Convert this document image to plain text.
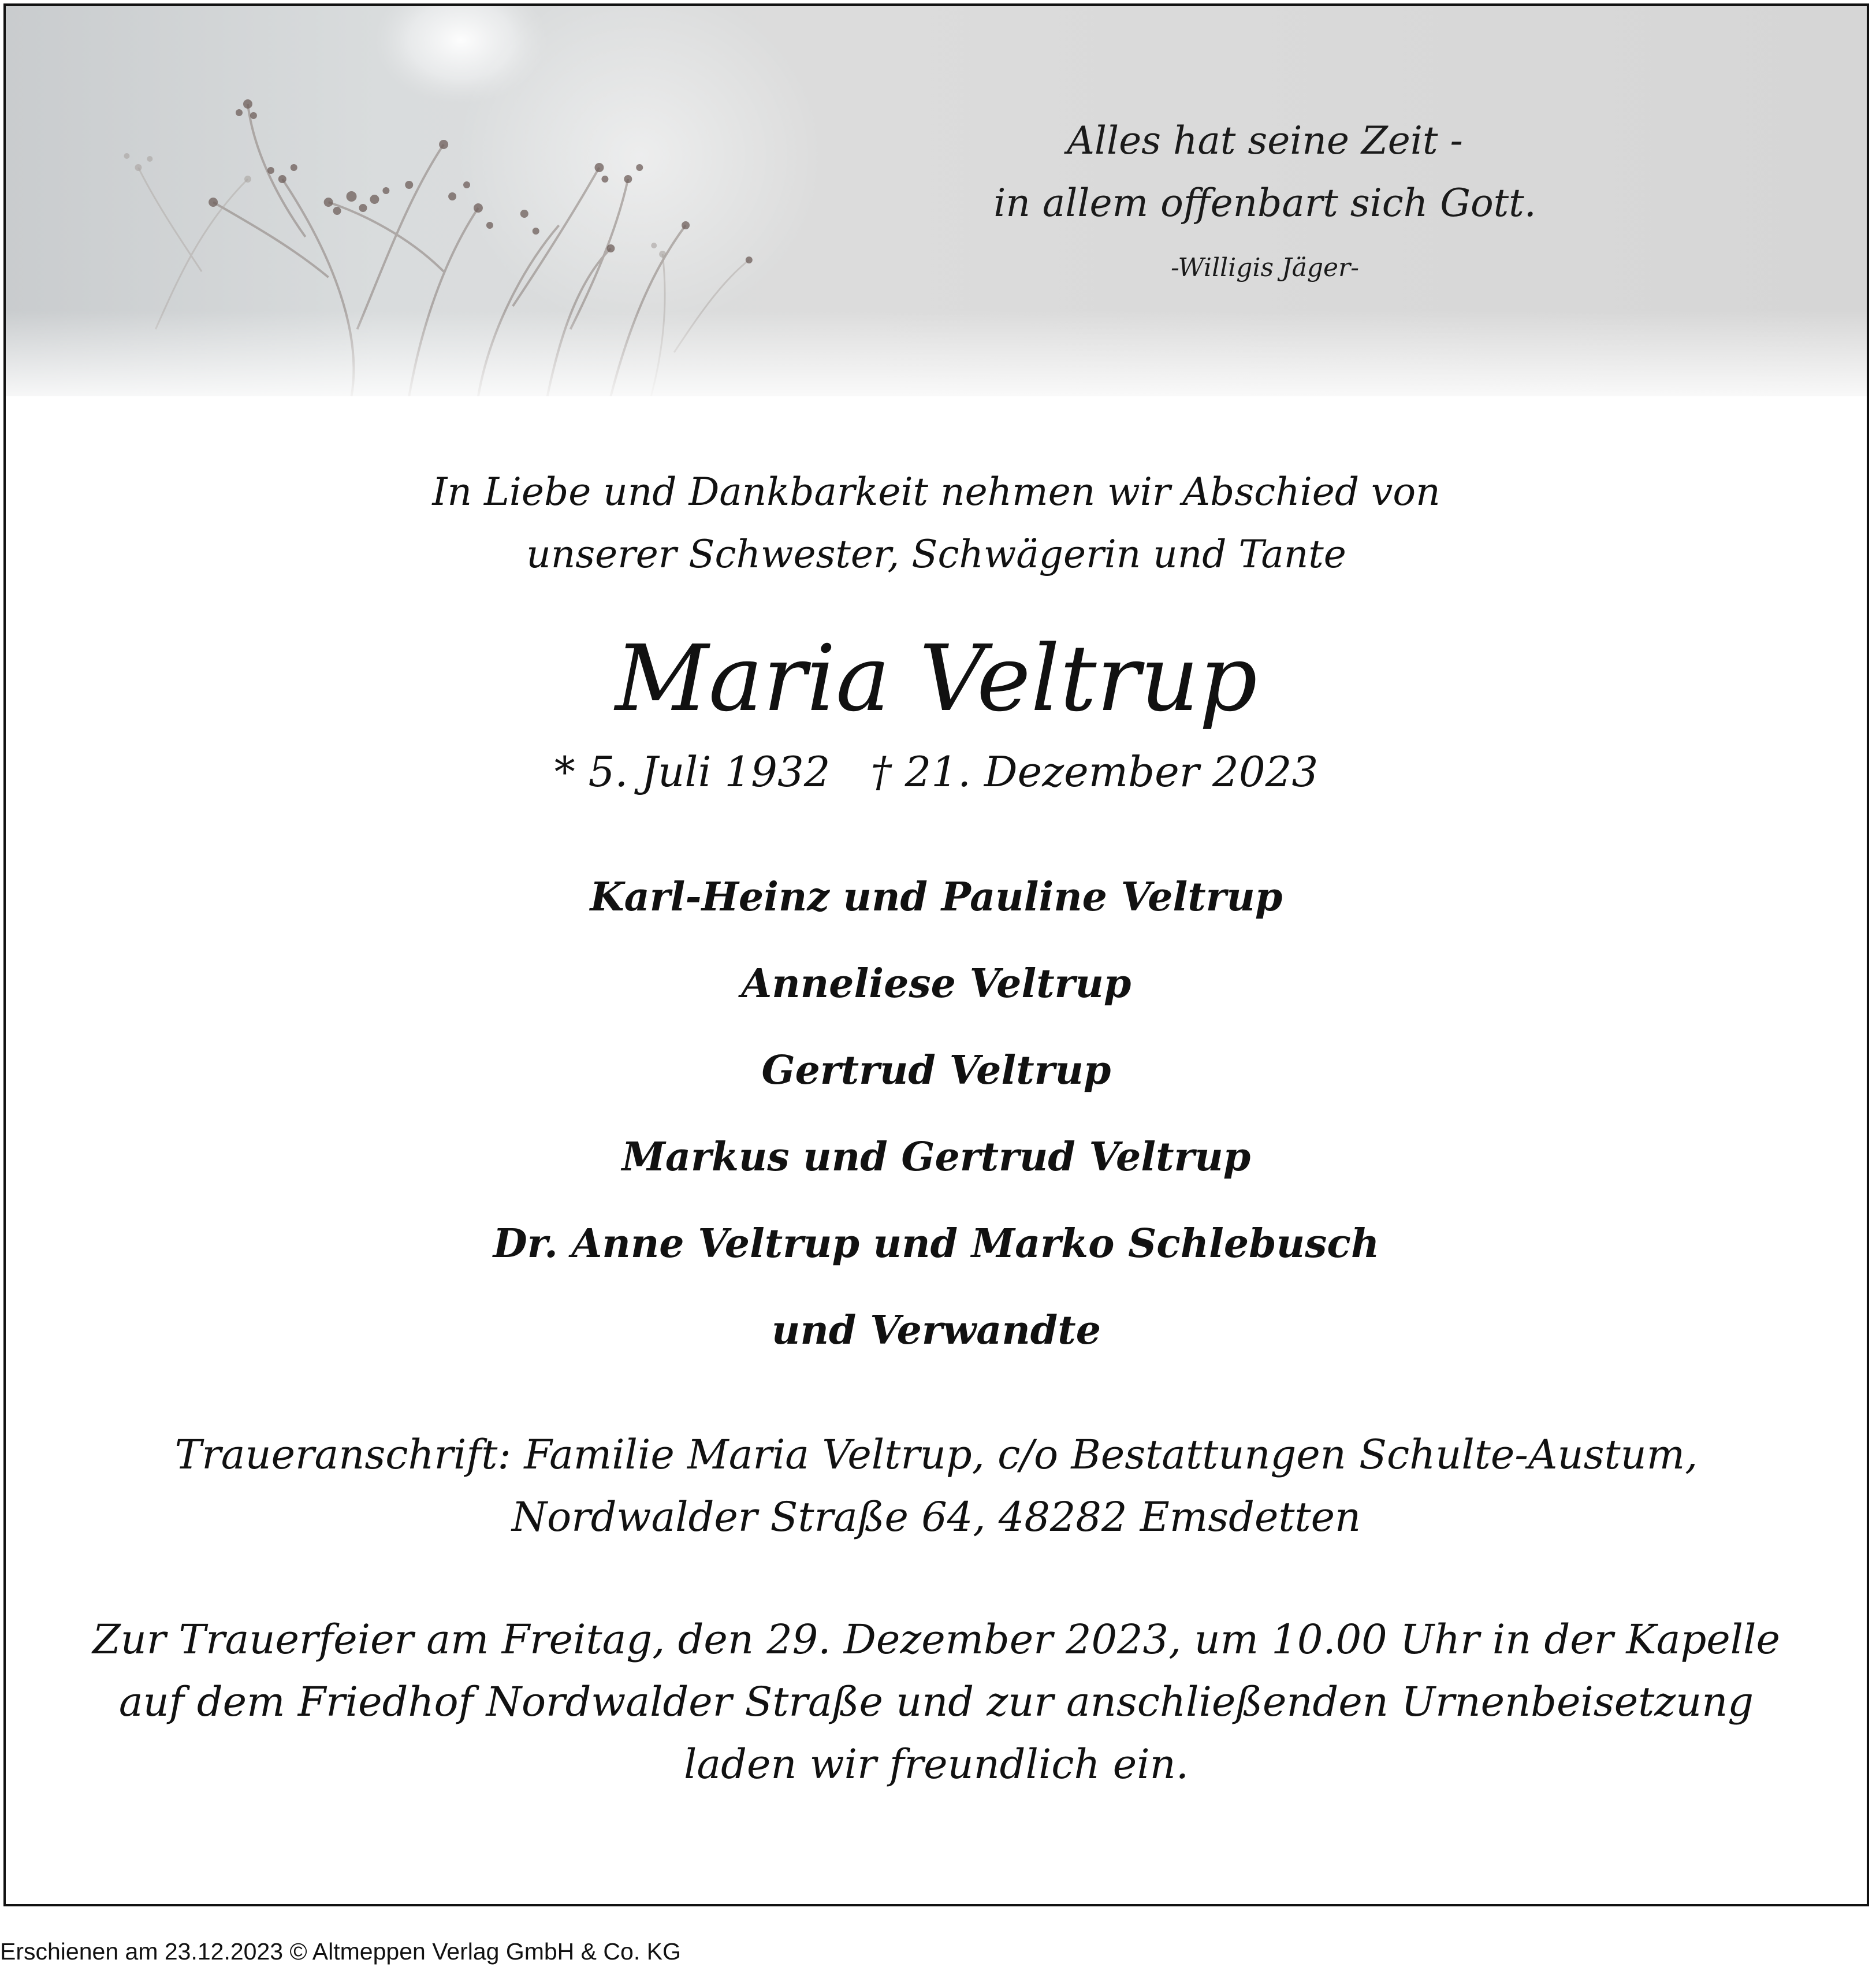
Alles hat seine Zeit -
in allem offenbart sich Gott.
-Willigis Jäger-
In Liebe und Dankbarkeit nehmen wir Abschied von
unserer Schwester, Schwägerin und Tante
Maria Veltrup
* 5. Juli 1932 † 21. Dezember 2023
Karl-Heinz und Pauline Veltrup
Anneliese Veltrup
Gertrud Veltrup
Markus und Gertrud Veltrup
Dr. Anne Veltrup und Marko Schlebusch
und Verwandte
Traueranschrift: Familie Maria Veltrup, c/o Bestattungen Schulte-Austum,
Nordwalder Straße 64, 48282 Emsdetten
Zur Trauerfeier am Freitag, den 29. Dezember 2023, um 10.00 Uhr in der Kapelle
auf dem Friedhof Nordwalder Straße und zur anschließenden Urnenbeisetzung
laden wir freundlich ein.
Erschienen am 23.12.2023 © Altmeppen Verlag GmbH & Co. KG
